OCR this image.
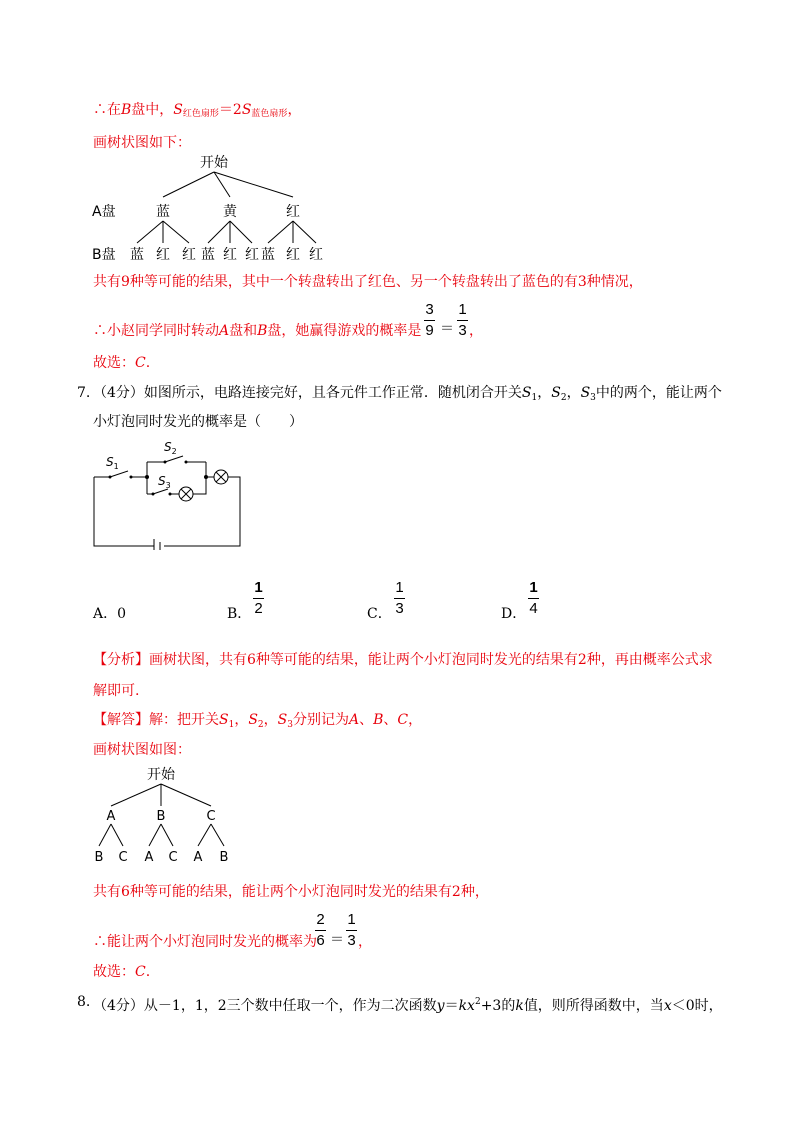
∴在B盘中，S红色扇形＝2S蓝色扇形，
画树状图如下：
开始
A盘	蓝	黄	红
B盘 蓝 红 红 蓝 红 红 蓝 红 红
共有9种等可能的结果，其中一个转盘转出了红色、另一个转盘转出了蓝色的有3种情况，
∴小赵同学同时转动A盘和B盘，她赢得游戏的概率是
3
9 ＝
1
3 ，
故选：C.
7. （4分）如图所示，电路连接完好，且各元件工作正常．随机闭合开关$S_1$，$S_2$，$S_3$中的两个，能让两个
小灯泡同时发光的概率是（　　）
$S_1$
$S_2$
$S_3$
A．0	B．
1
2	C．
1
3	D．
1
4
【分析】画树状图，共有6种等可能的结果，能让两个小灯泡同时发光的结果有2种，再由概率公式求
解即可.
【解答】解：把开关$S_1$，$S_2$，$S_3$分别记为A、B、C，
画树状图如图：
开始
A	B	C
B C A C A B
共有6种等可能的结果，能让两个小灯泡同时发光的结果有2种，
∴能让两个小灯泡同时发光的概率为
2
6 ＝
1
3 ，
故选：C.
8. （4分）从－1，1，2三个数中任取一个，作为二次函数$y=kx^2+3$的k值，则所得函数中，当x＜0时，
